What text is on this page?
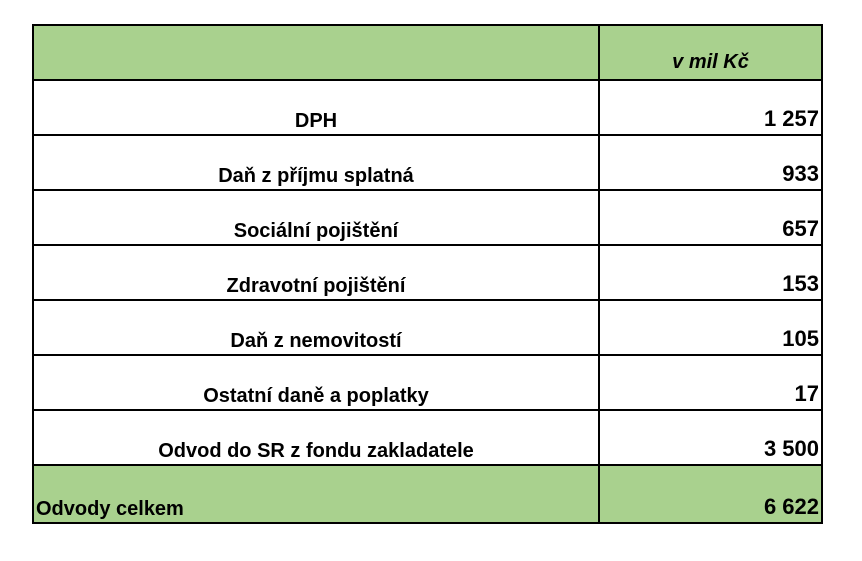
	v mil Kč
DPH	1 257
Daň z příjmu splatná	933
Sociální pojištění	657
Zdravotní pojištění	153
Daň z nemovitostí	105
Ostatní daně a poplatky	17
Odvod do SR z fondu zakladatele	3 500
Odvody celkem	6 622
